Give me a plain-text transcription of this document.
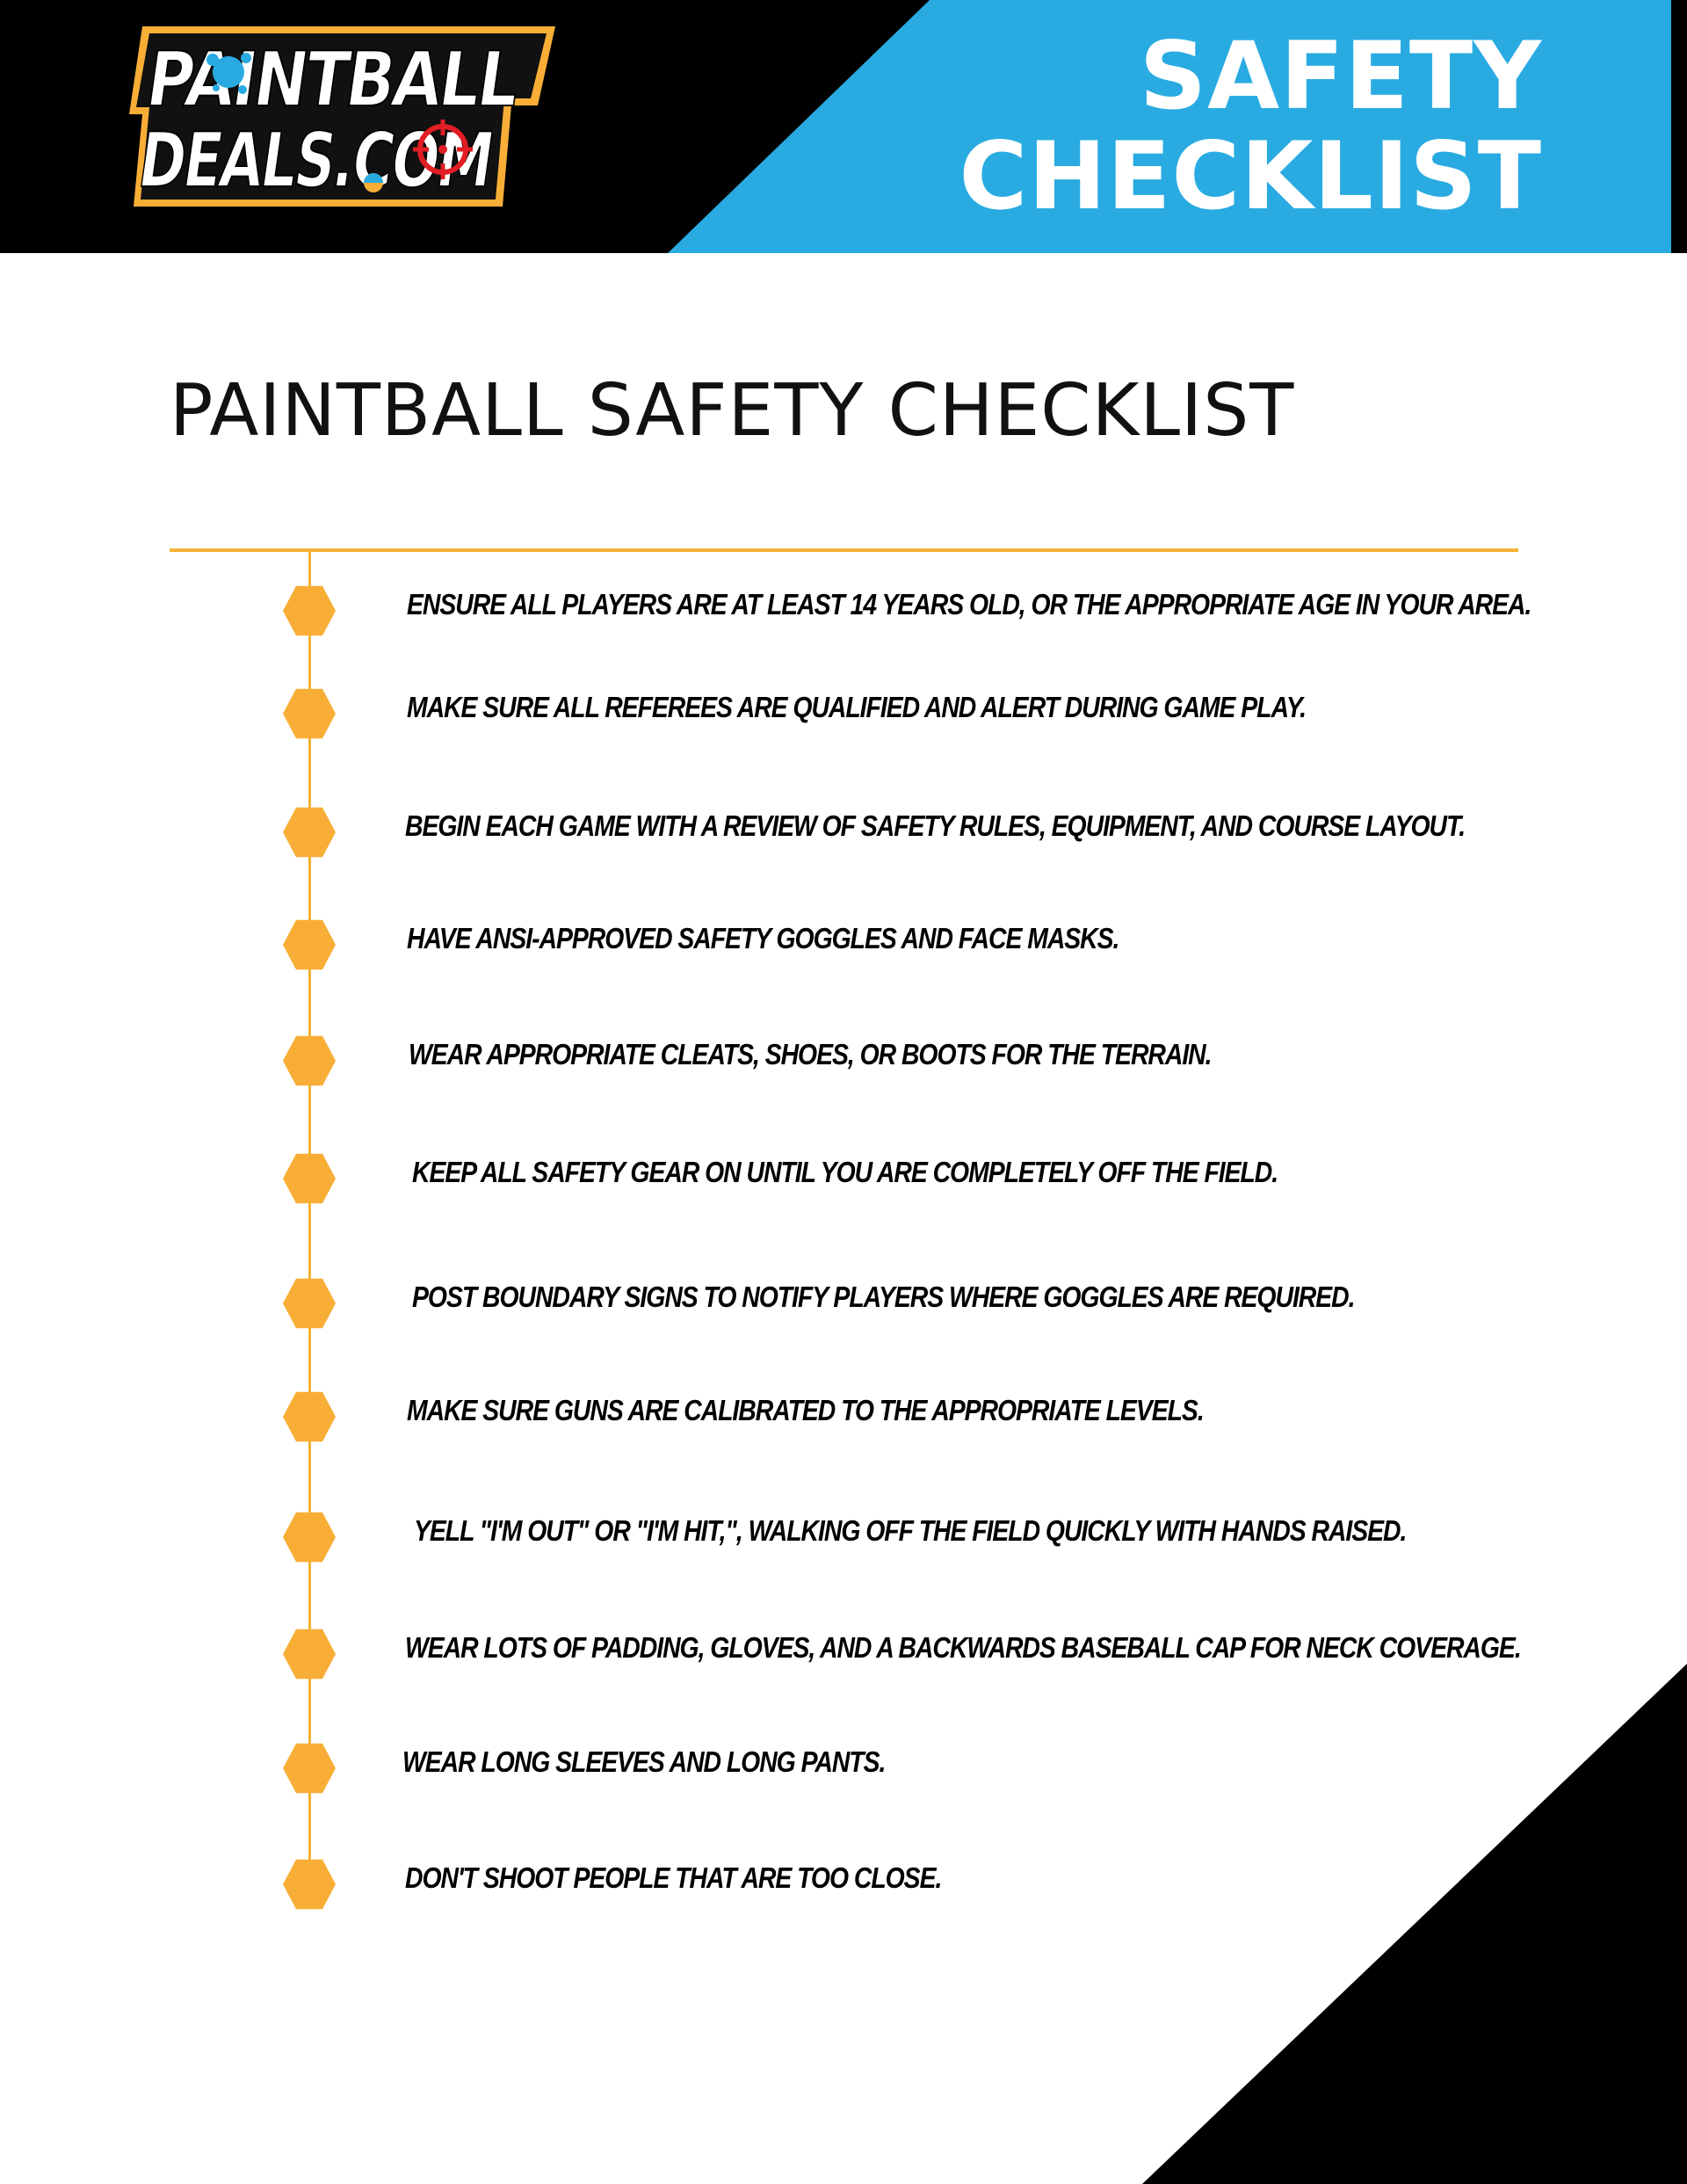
PAINTBALL
DEALS.COM
SAFETY
CHECKLIST
PAINTBALL SAFETY CHECKLIST
ENSURE ALL PLAYERS ARE AT LEAST 14 YEARS OLD, OR THE APPROPRIATE AGE IN YOUR AREA.
MAKE SURE ALL REFEREES ARE QUALIFIED AND ALERT DURING GAME PLAY.
BEGIN EACH GAME WITH A REVIEW OF SAFETY RULES, EQUIPMENT, AND COURSE LAYOUT.
HAVE ANSI-APPROVED SAFETY GOGGLES AND FACE MASKS.
WEAR APPROPRIATE CLEATS, SHOES, OR BOOTS FOR THE TERRAIN.
KEEP ALL SAFETY GEAR ON UNTIL YOU ARE COMPLETELY OFF THE FIELD.
POST BOUNDARY SIGNS TO NOTIFY PLAYERS WHERE GOGGLES ARE REQUIRED.
MAKE SURE GUNS ARE CALIBRATED TO THE APPROPRIATE LEVELS.
YELL "I'M OUT" OR "I'M HIT,", WALKING OFF THE FIELD QUICKLY WITH HANDS RAISED.
WEAR LOTS OF PADDING, GLOVES, AND A BACKWARDS BASEBALL CAP FOR NECK COVERAGE.
WEAR LONG SLEEVES AND LONG PANTS.
DON'T SHOOT PEOPLE THAT ARE TOO CLOSE.
